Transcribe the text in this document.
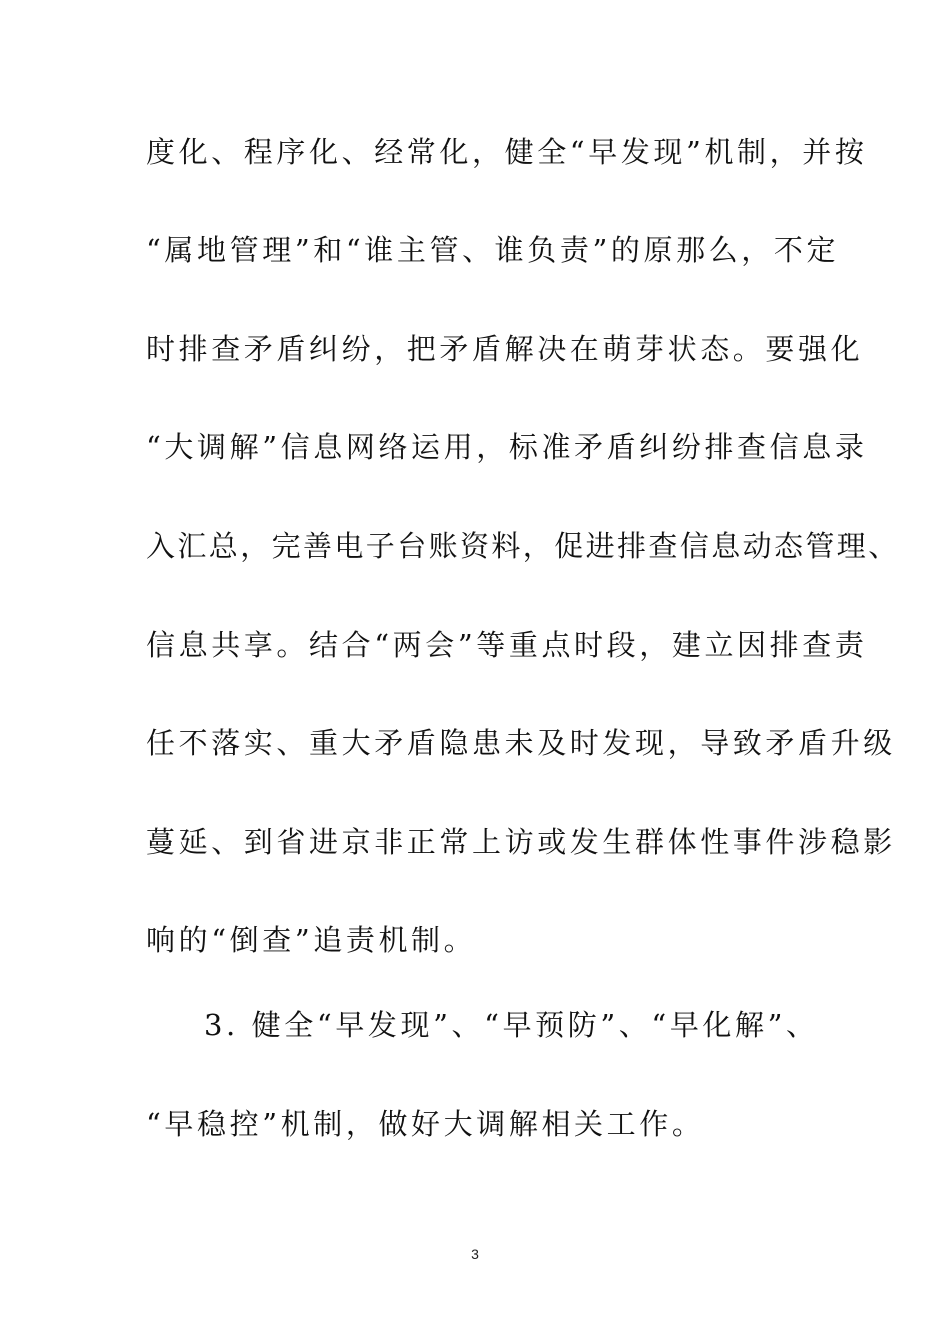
度化、程序化、经常化，健全“早发现”机制，并按
“属地管理”和“谁主管、谁负责”的原那么，不定
时排查矛盾纠纷，把矛盾解决在萌芽状态。要强化
“大调解”信息网络运用，标准矛盾纠纷排查信息录
入汇总，完善电子台账资料，促进排查信息动态管理、
信息共享。结合“两会”等重点时段，建立因排查责
任不落实、重大矛盾隐患未及时发现，导致矛盾升级
蔓延、到省进京非正常上访或发生群体性事件涉稳影
响的“倒查”追责机制。
3. 健全“早发现”、“早预防”、“早化解”、
“早稳控”机制，做好大调解相关工作。
3
